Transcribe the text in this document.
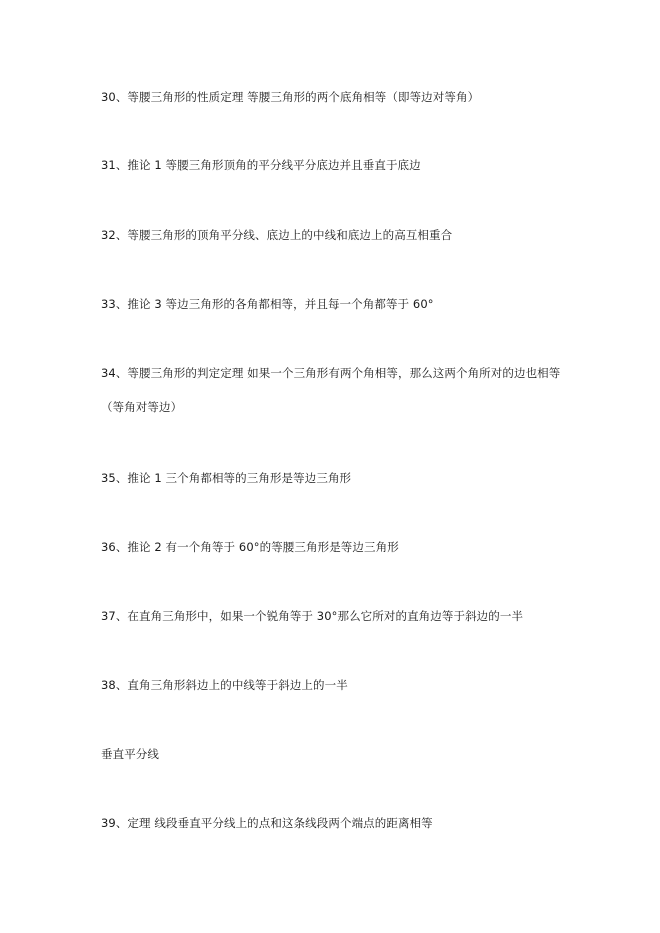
30、等腰三角形的性质定理 等腰三角形的两个底角相等（即等边对等角）
31、推论 1 等腰三角形顶角的平分线平分底边并且垂直于底边
32、等腰三角形的顶角平分线、底边上的中线和底边上的高互相重合
33、推论 3 等边三角形的各角都相等，并且每一个角都等于 60°
34、等腰三角形的判定定理 如果一个三角形有两个角相等，那么这两个角所对的边也相等
（等角对等边）
35、推论 1 三个角都相等的三角形是等边三角形
36、推论 2 有一个角等于 60°的等腰三角形是等边三角形
37、在直角三角形中，如果一个锐角等于 30°那么它所对的直角边等于斜边的一半
38、直角三角形斜边上的中线等于斜边上的一半
垂直平分线
39、定理 线段垂直平分线上的点和这条线段两个端点的距离相等
